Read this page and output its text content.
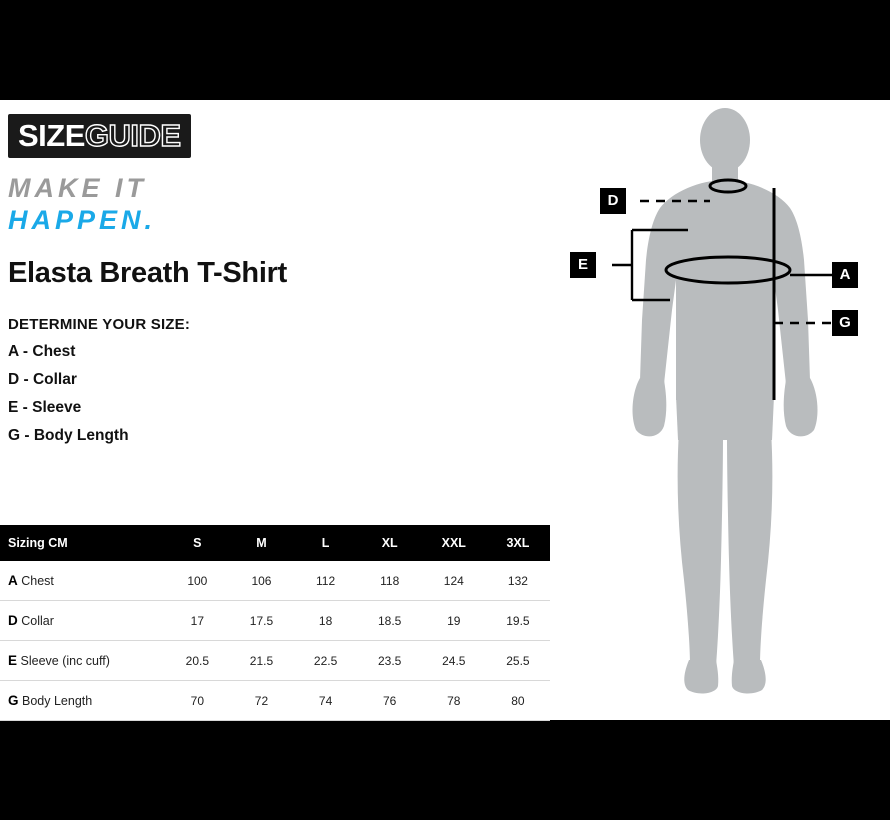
SIZEGUIDE
MAKE IT
HAPPEN.
Elasta Breath T-Shirt
DETERMINE YOUR SIZE:
A - Chest
D - Collar
E - Sleeve
G - Body Length
Sizing CM	S	M	L	XL	XXL	3XL
A Chest	100	106	112	118	124	132
D Collar	17	17.5	18	18.5	19	19.5
E Sleeve (inc cuff)	20.5	21.5	22.5	23.5	24.5	25.5
G Body Length	70	72	74	76	78	80
D
E
A
G
